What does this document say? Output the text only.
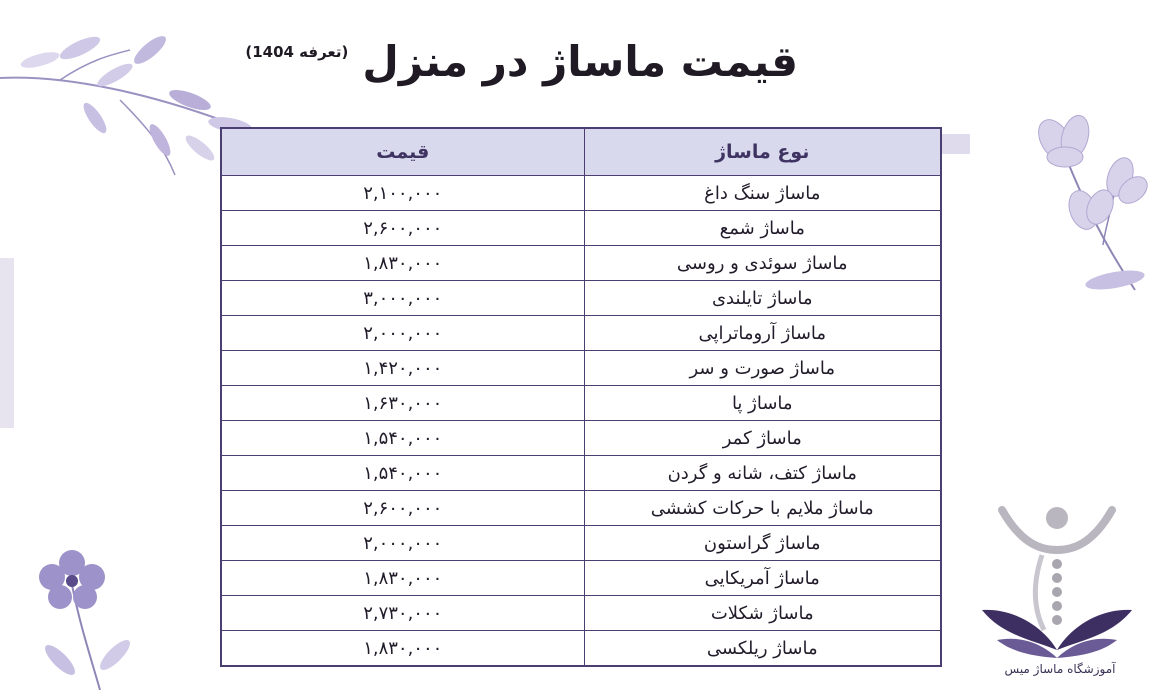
قیمت ماساژ در منزل
(تعرفه 1404)
نوع ماساژ	قیمت
ماساژ سنگ داغ	۲,۱۰۰,۰۰۰
ماساژ شمع	۲,۶۰۰,۰۰۰
ماساژ سوئدی و روسی	۱,۸۳۰,۰۰۰
ماساژ تایلندی	۳,۰۰۰,۰۰۰
ماساژ آروماتراپی	۲,۰۰۰,۰۰۰
ماساژ صورت و سر	۱,۴۲۰,۰۰۰
ماساژ پا	۱,۶۳۰,۰۰۰
ماساژ کمر	۱,۵۴۰,۰۰۰
ماساژ کتف، شانه و گردن	۱,۵۴۰,۰۰۰
ماساژ ملایم با حرکات کششی	۲,۶۰۰,۰۰۰
ماساژ گراستون	۲,۰۰۰,۰۰۰
ماساژ آمریکایی	۱,۸۳۰,۰۰۰
ماساژ شکلات	۲,۷۳۰,۰۰۰
ماساژ ریلکسی	۱,۸۳۰,۰۰۰
آموزشگاه ماساژ میس
